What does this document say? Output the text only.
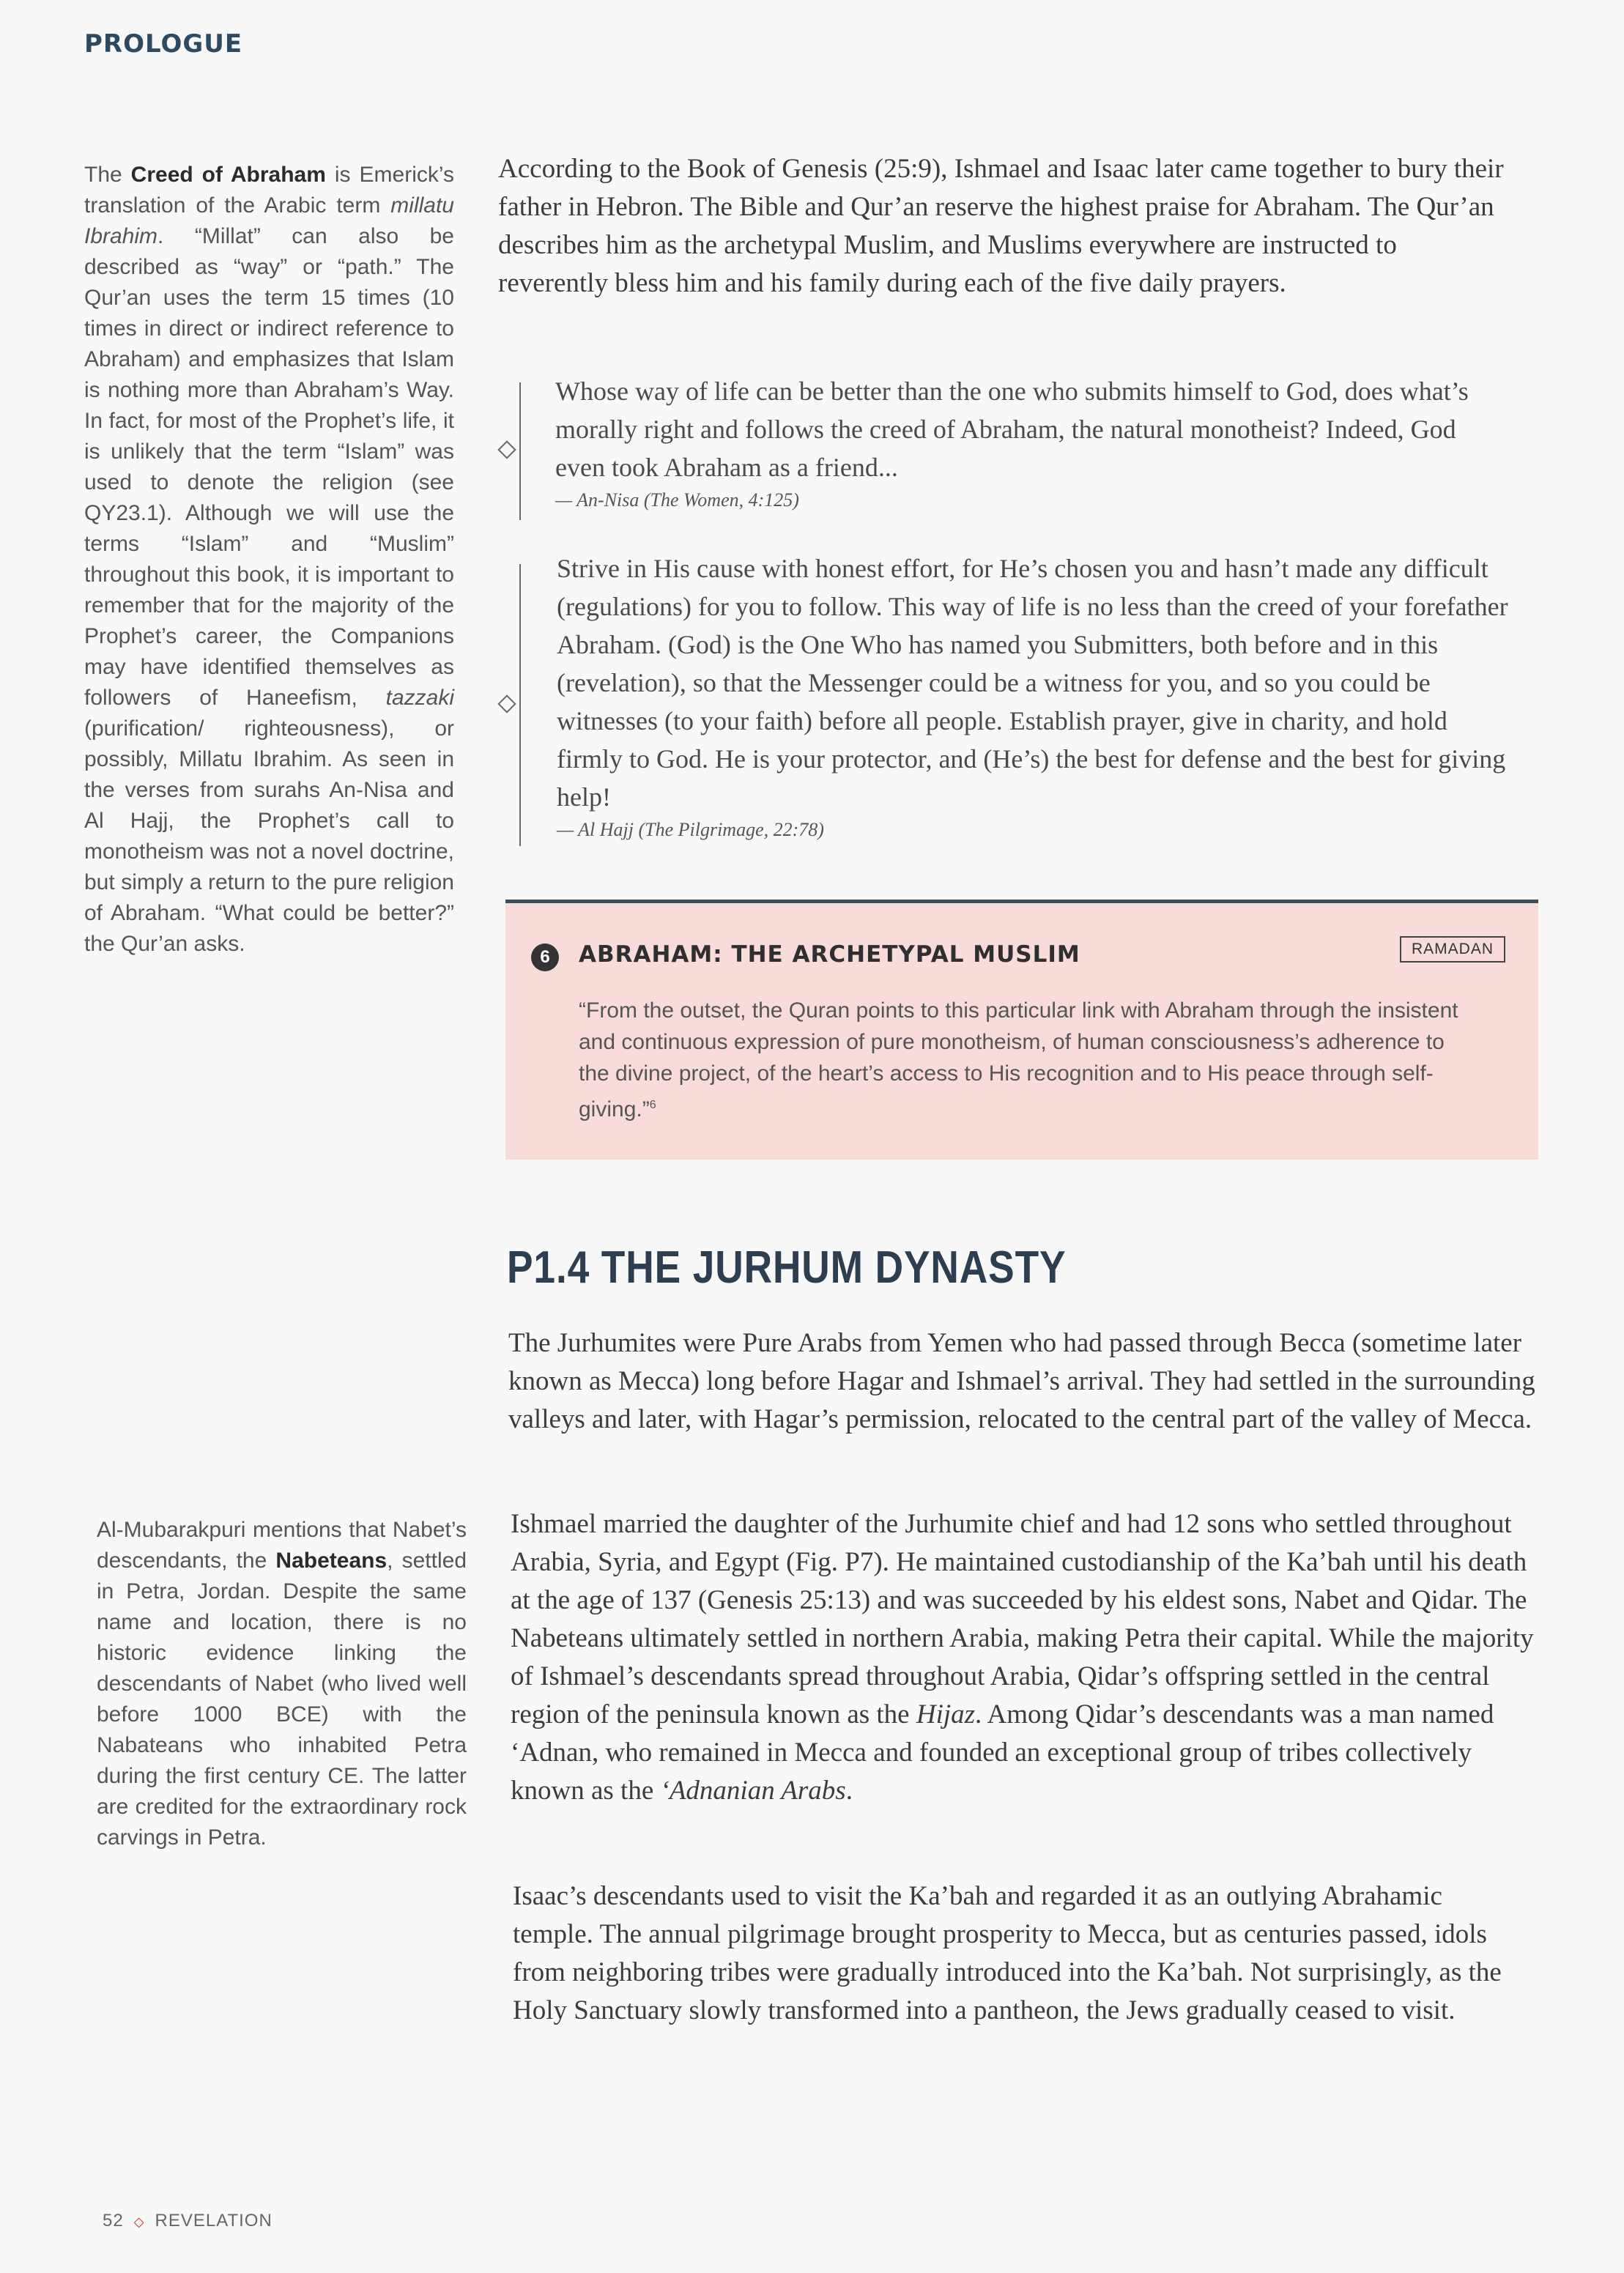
PROLOGUE
The Creed of Abraham is Emerick’s translation of the Arabic term millatu Ibrahim. “Millat” can also be described as “way” or “path.” The Qur’an uses the term 15 times (10 times in direct or indirect reference to Abraham) and emphasizes that Islam is nothing more than Abraham’s Way. In fact, for most of the Prophet’s life, it is unlikely that the term “Islam” was used to denote the religion (see QY23.1). Although we will use the terms “Islam” and “Muslim” throughout this book, it is important to remember that for the majority of the Prophet’s career, the Companions may have identified themselves as followers of Haneefism, tazzaki (purification/ righteousness), or possibly, Millatu Ibrahim. As seen in the verses from surahs An-Nisa and Al Hajj, the Prophet’s call to monotheism was not a novel doctrine, but simply a return to the pure religion of Abraham. “What could be better?” the Qur’an asks.
Al-Mubarakpuri mentions that Nabet’s descendants, the Nabeteans, settled in Petra, Jordan. Despite the same name and location, there is no historic evidence linking the descendants of Nabet (who lived well before 1000 BCE) with the Nabateans who inhabited Petra during the first century CE. The latter are credited for the extraordinary rock carvings in Petra.
According to the Book of Genesis (25:9), Ishmael and Isaac later came together to bury their father in Hebron. The Bible and Qur’an reserve the highest praise for Abraham. The Qur’an describes him as the archetypal Muslim, and Muslims everywhere are instructed to reverently bless him and his family during each of the five daily prayers.
Whose way of life can be better than the one who submits himself to God, does what’s morally right and follows the creed of Abraham, the natural monotheist? Indeed, God even took Abraham as a friend...
— An-Nisa (The Women, 4:125)
Strive in His cause with honest effort, for He’s chosen you and hasn’t made any difficult (regulations) for you to follow. This way of life is no less than the creed of your forefather Abraham. (God) is the One Who has named you Submitters, both before and in this (revelation), so that the Messenger could be a witness for you, and so you could be witnesses (to your faith) before all people. Establish prayer, give in charity, and hold firmly to God. He is your protector, and (He’s) the best for defense and the best for giving help!
— Al Hajj (The Pilgrimage, 22:78)
6	ABRAHAM: THE ARCHETYPAL MUSLIM	RAMADAN
“From the outset, the Quran points to this particular link with Abraham through the insistent and continuous expression of pure monotheism, of human consciousness’s adherence to the divine project, of the heart’s access to His recognition and to His peace through self-giving.”$^6$
P1.4 THE JURHUM DYNASTY
The Jurhumites were Pure Arabs from Yemen who had passed through Becca (sometime later known as Mecca) long before Hagar and Ishmael’s arrival. They had settled in the surrounding valleys and later, with Hagar’s permission, relocated to the central part of the valley of Mecca.
Ishmael married the daughter of the Jurhumite chief and had 12 sons who settled throughout Arabia, Syria, and Egypt (Fig. P7). He maintained custodianship of the Ka’bah until his death at the age of 137 (Genesis 25:13) and was succeeded by his eldest sons, Nabet and Qidar. The Nabeteans ultimately settled in northern Arabia, making Petra their capital. While the majority of Ishmael’s descendants spread throughout Arabia, Qidar’s offspring settled in the central region of the peninsula known as the Hijaz. Among Qidar’s descendants was a man named ‘Adnan, who remained in Mecca and founded an exceptional group of tribes collectively known as the ‘Adnanian Arabs.
Isaac’s descendants used to visit the Ka’bah and regarded it as an outlying Abrahamic temple. The annual pilgrimage brought prosperity to Mecca, but as centuries passed, idols from neighboring tribes were gradually introduced into the Ka’bah. Not surprisingly, as the Holy Sanctuary slowly transformed into a pantheon, the Jews gradually ceased to visit.
52 ◇ REVELATION
